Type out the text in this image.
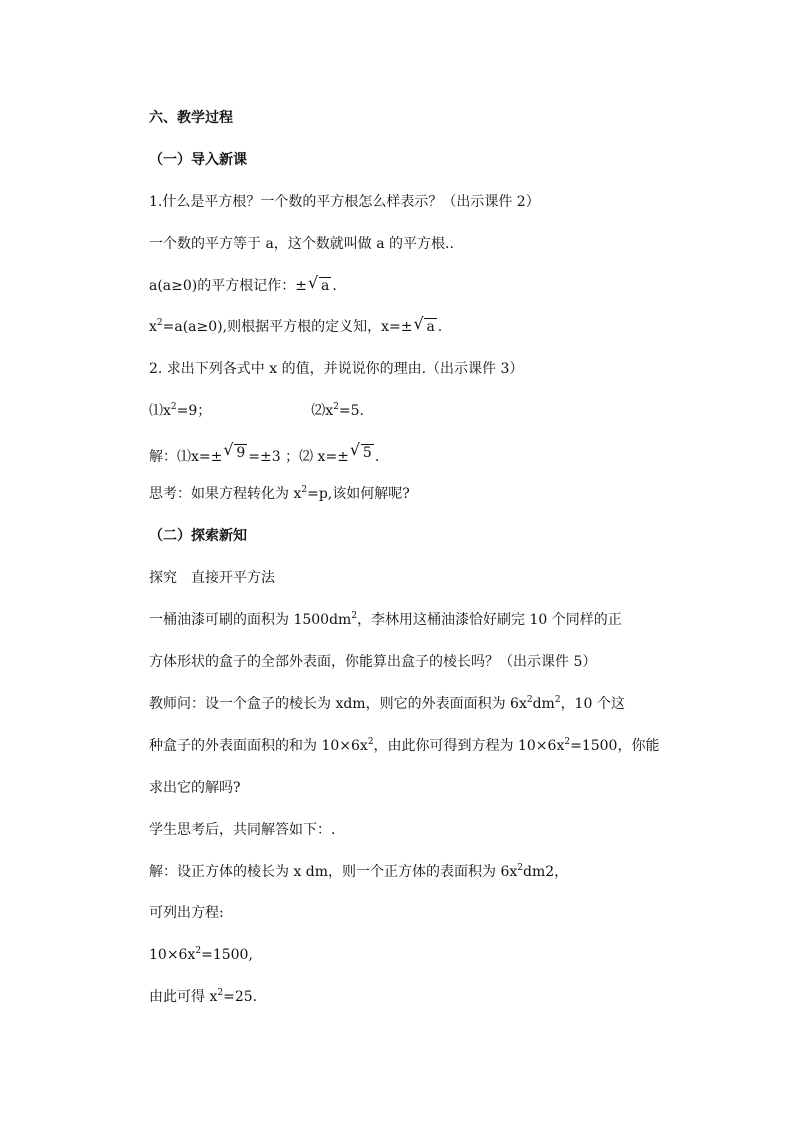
六、教学过程
（一）导入新课
1.什么是平方根？一个数的平方根怎么样表示？（出示课件 2）
一个数的平方等于 a，这个数就叫做 a 的平方根..
a(a≥0)的平方根记作：± √ a .
$x^2=a(a\ge 0)$,则根据平方根的定义知，x=± √ a .
2. 求出下列各式中 x 的值，并说说你的理由.（出示课件 3）
$⑴x^2=9$；	$⑵x^2=5$.
解：⑴x=± √ 9 =±3 ；⑵ x=± √ 5 .
思考：如果方程转化为 $x^2=p$,该如何解呢?
（二）探索新知
探究　直接开平方法
一桶油漆可刷的面积为 $1500dm^2$，李林用这桶油漆恰好刷完 10 个同样的正
方体形状的盒子的全部外表面，你能算出盒子的棱长吗？（出示课件 5）
教师问：设一个盒子的棱长为 xdm，则它的外表面面积为 $6x^2dm^2$，10 个这
种盒子的外表面面积的和为 $10\times 6x^2$，由此你可得到方程为 $10\times 6x^2=1500$，你能
求出它的解吗?
学生思考后，共同解答如下：.
解：设正方体的棱长为 x dm，则一个正方体的表面积为 $6x^2dm2$，
可列出方程:
$10\times 6x^2=1500$,
由此可得 $x^2=25$.
